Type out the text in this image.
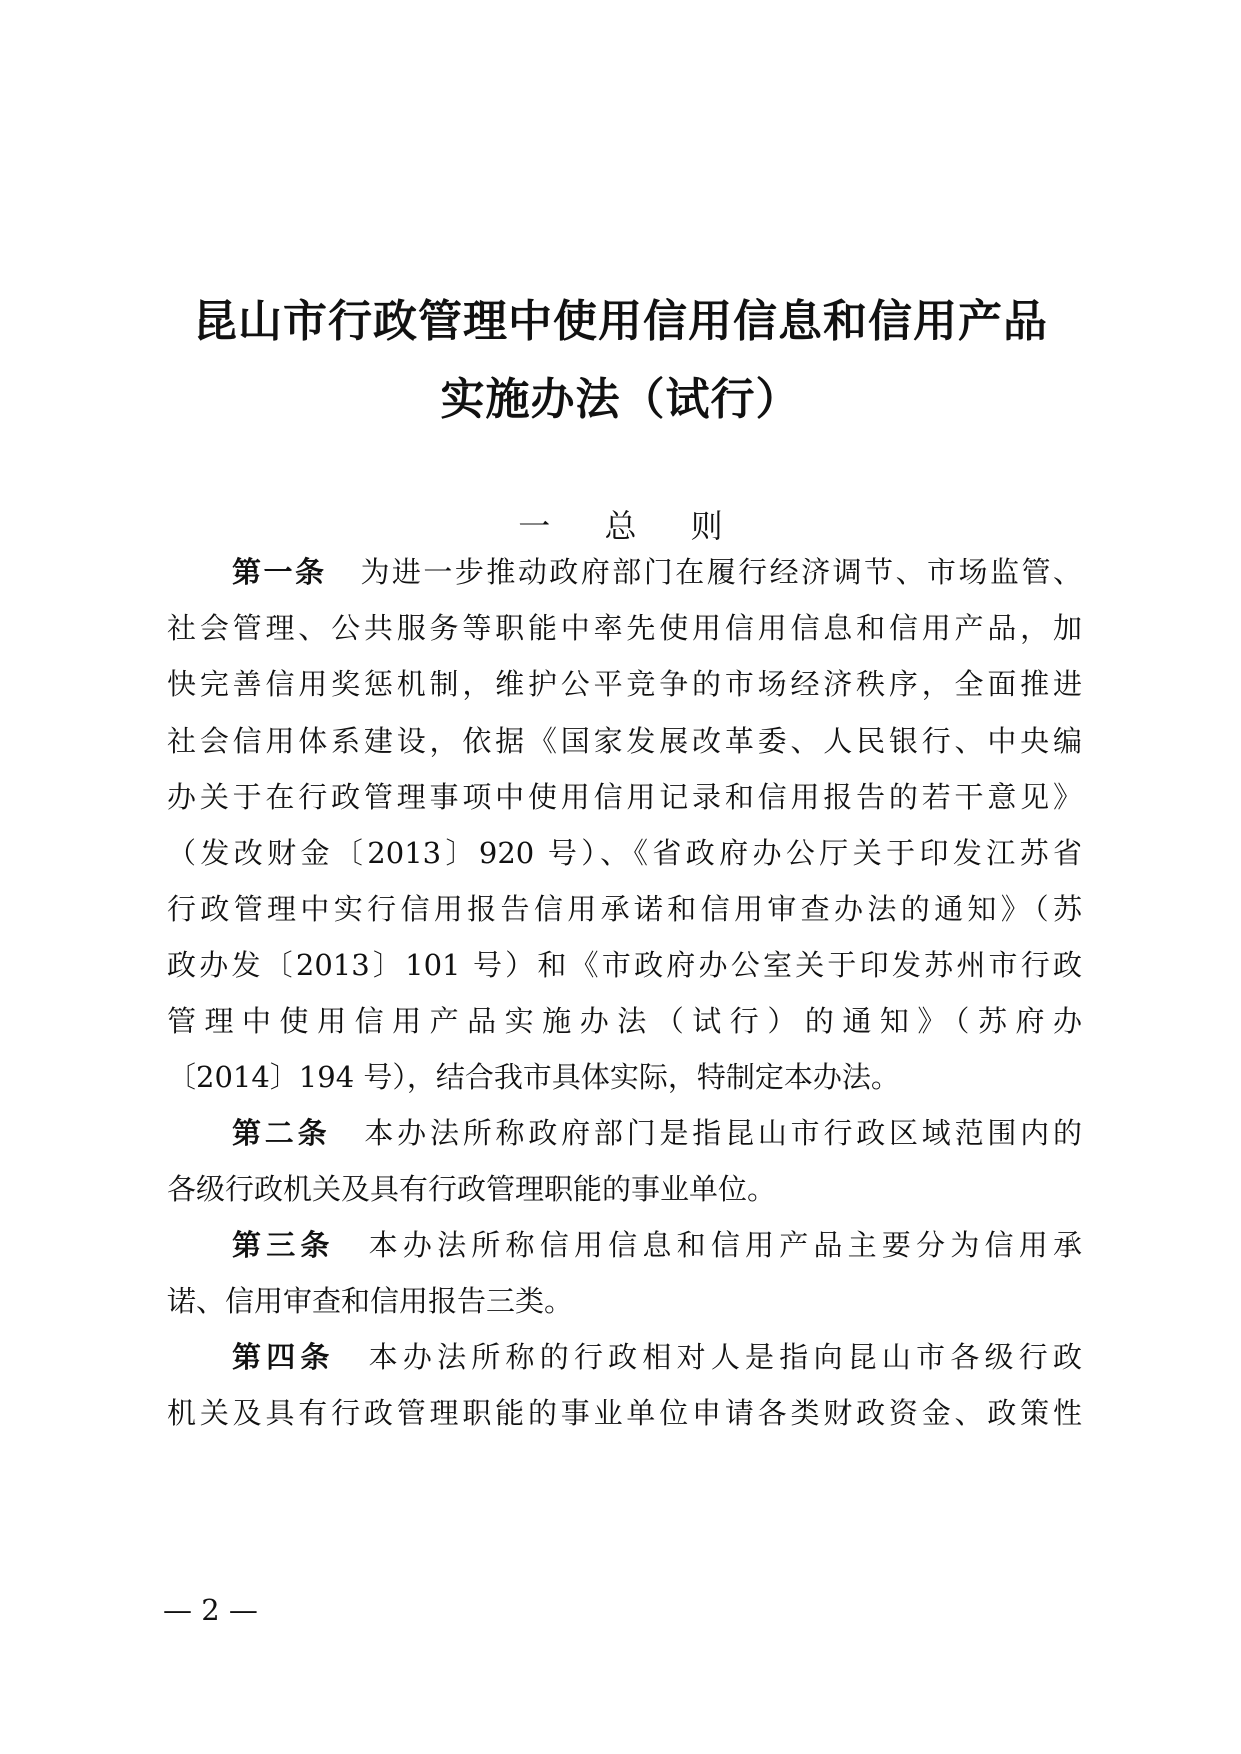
昆山市行政管理中使用信用信息和信用产品
实施办法（试行）
一 总 则
第一条 为进一步推动政府部门在履行经济调节、市场监管、
社会管理、公共服务等职能中率先使用信用信息和信用产品，加
快完善信用奖惩机制，维护公平竞争的市场经济秩序，全面推进
社会信用体系建设，依据《国家发展改革委、人民银行、中央编
办关于在行政管理事项中使用信用记录和信用报告的若干意见》
（发改财金〔2013〕920 号）、《省政府办公厅关于印发江苏省
行政管理中实行信用报告信用承诺和信用审查办法的通知》（苏
政办发〔2013〕101 号）和《市政府办公室关于印发苏州市行政
管理中使用信用产品实施办法（试行）的通知》（苏府办
〔2014〕194 号），结合我市具体实际，特制定本办法。
第二条 本办法所称政府部门是指昆山市行政区域范围内的
各级行政机关及具有行政管理职能的事业单位。
第三条 本办法所称信用信息和信用产品主要分为信用承
诺、信用审查和信用报告三类。
第四条 本办法所称的行政相对人是指向昆山市各级行政
机关及具有行政管理职能的事业单位申请各类财政资金、政策性
— 2 —
